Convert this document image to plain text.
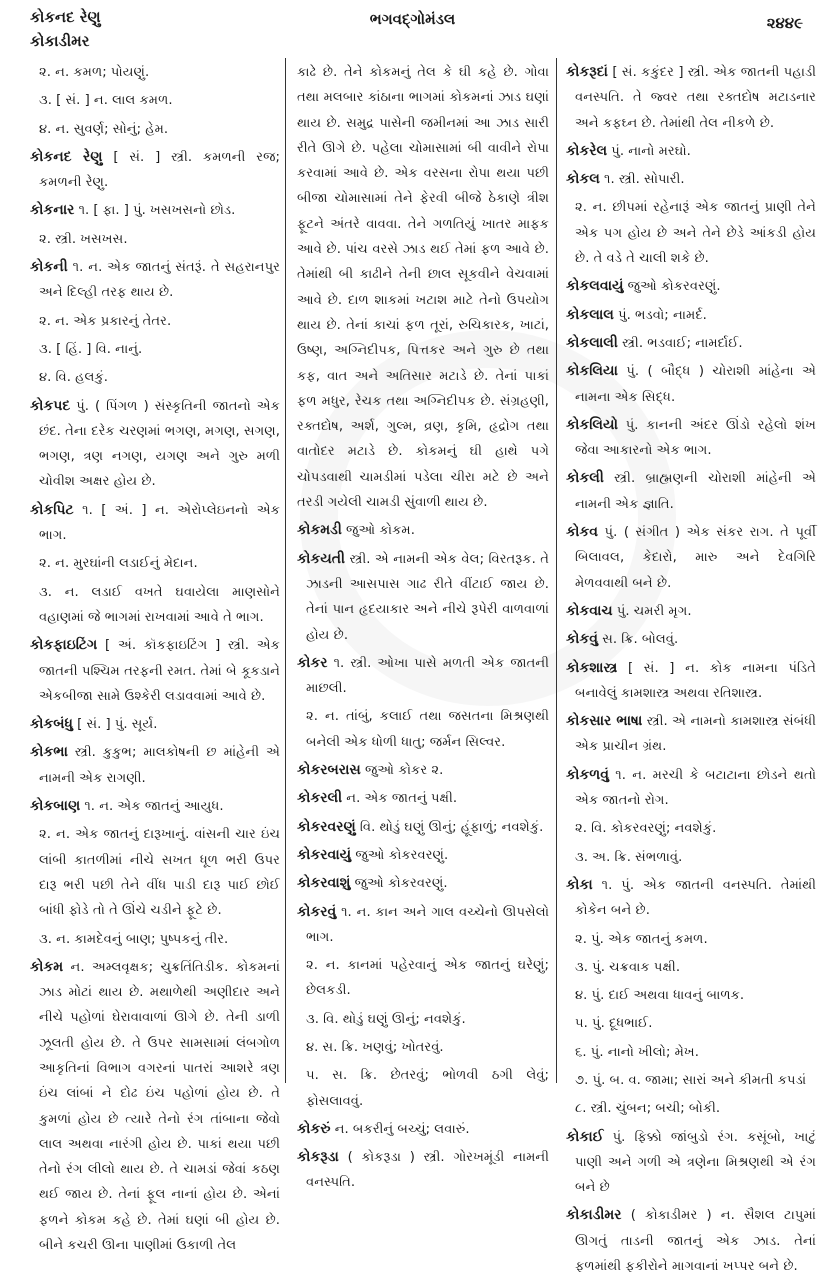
કોકનદ રેણુ
કોકાડીમર
ભગવદ્ગોમંડલ	૨૪૪૯

૨. ન. કમળ; પોયણું.

૩. [ સં. ] ન. લાલ કમળ.

૪. ન. સુવર્ણ; સોનું; હેમ.

કોકનદ રેણુ [ સં. ] સ્ત્રી. કમળની રજ; કમળની રેણુ.

કોકનાર ૧. [ ફા. ] પું. ખસખસનો છોડ.

૨. સ્ત્રી. ખસખસ.

કોકની ૧. ન. એક જાતનું સંતરૂં. તે સહરાનપુર અને દિલ્હી તરફ થાય છે.

૨. ન. એક પ્રકારનું તેતર.

૩. [ હિં. ] વિ. નાનું.

૪. વિ. હલકું.

કોકપદ પું. ( પિંગળ ) સંસ્કૃતિની જાતનો એક છંદ. તેના દરેક ચરણમાં ભગણ, મગણ, સગણ, ભગણ, ત્રણ નગણ, યગણ અને ગુરુ મળી ચોવીશ અક્ષર હોય છે.

કોકપિટ ૧. [ અં. ] ન. એરોપ્લેઇનનો એક ભાગ.

૨. ન. મુરઘાંની લડાઈનું મેદાન.

૩. ન. લડાઈ વખતે ઘવાયેલા માણસોને વહાણમાં જે ભાગમાં રાખવામાં આવે તે ભાગ.

કોકફાઇટિંગ [ અં. કૉકફાઇટિંગ ] સ્ત્રી. એક જાતની પશ્ચિમ તરફની રમત. તેમાં બે કૂકડાને એકબીજા સામે ઉશ્કેરી લડાવવામાં આવે છે.

કોકબંધુ [ સં. ] પું. સૂર્ય.

કોકભા સ્ત્રી. કુકુભ; માલકોષની છ માંહેની એ નામની એક રાગણી.

કોકબાણ ૧. ન. એક જાતનું આયુધ.

૨. ન. એક જાતનું દારૂખાનું. વાંસની ચાર ઇંચ લાંબી કાતળીમાં નીચે સખત ધૂળ ભરી ઉપર દારૂ ભરી પછી તેને વીંધ પાડી દારૂ પાઈ છોઈ બાંધી ફોડે તો તે ઊંચે ચડીને ફૂટે છે.

૩. ન. કામદેવનું બાણ; પુષ્પકનું તીર.

કોકમ ન. અમ્લવૃક્ષક; ચુક્રતિંતિડીક. કોકમનાં ઝાડ મોટાં થાય છે. મથાળેથી અણીદાર અને નીચે પહોળાં ઘેરાવાવાળાં ઊગે છે. તેની ડાળી ઝૂલતી હોય છે. તે ઉપર સામસામાં લંબગોળ આકૃતિનાં વિભાગ વગરનાં પાતરાં આશરે ત્રણ ઇંચ લાંબાં ને દોઢ ઇંચ પહોળાં હોય છે. તે કુમળાં હોય છે ત્યારે તેનો રંગ તાંબાના જેવો લાલ અથવા નારંગી હોય છે. પાકાં થયા પછી તેનો રંગ લીલો થાય છે. તે ચામડાં જેવાં કઠણ થઈ જાય છે. તેનાં ફૂલ નાનાં હોય છે. એનાં ફળને કોકમ કહે છે. તેમાં ઘણાં બી હોય છે. બીને કચરી ઊના પાણીમાં ઉકાળી તેલ

કાઢે છે. તેને કોકમનું તેલ કે ઘી કહે છે. ગોવા તથા મલબાર કાંઠાના ભાગમાં કોકમનાં ઝાડ ઘણાં થાય છે. સમુદ્ર પાસેની જમીનમાં આ ઝાડ સારી રીતે ઊગે છે. પહેલા ચોમાસામાં બી વાવીને રોપા કરવામાં આવે છે. એક વરસના રોપા થયા પછી બીજા ચોમાસામાં તેને ફેરવી બીજે ઠેકાણે ત્રીશ ફૂટને અંતરે વાવવા. તેને ગળતિયું ખાતર માફક આવે છે. પાંચ વરસે ઝાડ થઈ તેમાં ફળ આવે છે. તેમાંથી બી કાઢીને તેની છાલ સૂકવીને વેચવામાં આવે છે. દાળ શાકમાં ખટાશ માટે તેનો ઉપયોગ થાય છે. તેનાં કાચાં ફળ તૂરાં, રુચિકારક, ખાટાં, ઉષ્ણ, અગ્નિદીપક, પિત્તકર અને ગુરુ છે તથા કફ, વાત અને અતિસાર મટાડે છે. તેનાં પાકાં ફળ મધુર, રેચક તથા અગ્નિદીપક છે. સંગ્રહણી, રક્તદોષ, અર્શ, ગુલ્મ, વ્રણ, કૃમિ, હૃદ્રોગ તથા વાતોદર મટાડે છે. કોકમનું ઘી હાથે પગે ચોપડવાથી ચામડીમાં પડેલા ચીરા મટે છે અને તરડી ગયેલી ચામડી સુંવાળી થાય છે.

કોકમડી જુઓ કોકમ.

કોકયતી સ્ત્રી. એ નામની એક વેલ; વિરતરૂક. તે ઝાડની આસપાસ ગાઢ રીતે વીંટાઈ જાય છે. તેનાં પાન હૃદયાકાર અને નીચે રૂપેરી વાળવાળાં હોય છે.

કોકર ૧. સ્ત્રી. ઓખા પાસે મળતી એક જાતની માછલી.

૨. ન. તાંબું, કલાઈ તથા જસતના મિશ્રણથી બનેલી એક ધોળી ધાતુ; જર્મન સિલ્વર.

કોકરબરાસ જુઓ કોકર ૨.

કોકરલી ન. એક જાતનું પક્ષી.

કોકરવરણું વિ. થોડું ઘણું ઊનું; હૂંફાળું; નવશેકું.

કોકરવાયું જુઓ કોકરવરણું.

કોકરવાશું જુઓ કોકરવરણું.

કોકરવું ૧. ન. કાન અને ગાલ વચ્ચેનો ઊપસેલો ભાગ.

૨. ન. કાનમાં પહેરવાનું એક જાતનું ઘરેણું; છેલકડી.

૩. વિ. થોડું ઘણું ઊનું; નવશેકું.

૪. સ. ક્રિ. ખણવું; ખોતરવું.

૫. સ. ક્રિ. છેતરવું; ભોળવી ઠગી લેવું; ફોસલાવવું.

કોકરું ન. બકરીનું બચ્ચું; લવારું.

કોકરૂડા ( કોકરૂડા ) સ્ત્રી. ગોરખમૂંડી નામની વનસ્પતિ.

કોકરૂદાં [ સં. કકુંદર ] સ્ત્રી. એક જાતની પહાડી વનસ્પતિ. તે જ્વર તથા રક્તદોષ મટાડનાર અને કફઘ્ન છે. તેમાંથી તેલ નીકળે છે.

કોકરેલ પું. નાનો મરઘો.

કોકલ ૧. સ્ત્રી. સોપારી.

૨. ન. છીપમાં રહેનારૂં એક જાતનું પ્રાણી તેને એક પગ હોય છે અને તેને છેડે આંકડી હોય છે. તે વડે તે ચાલી શકે છે.

કોકલવાયું જુઓ કોકરવરણું.

કોકલાલ પું. ભડવો; નામર્દ.

કોકલાલી સ્ત્રી. ભડવાઈ; નામર્દાઈ.

કોકલિયા પું. ( બૌદ્ધ ) ચોરાશી માંહેના એ નામના એક સિદ્ધ.

કોકલિયો પું. કાનની અંદર ઊંડો રહેલો શંખ જેવા આકારનો એક ભાગ.

કોકલી સ્ત્રી. બ્રાહ્મણની ચોરાશી માંહેની એ નામની એક જ્ઞાતિ.

કોકવ પું. ( સંગીત ) એક સંકર રાગ. તે પૂર્વી બિલાવલ, કેદારો, મારુ અને દેવગિરિ મેળવવાથી બને છે.

કોકવાચ પું. ચમરી મૃગ.

કોકવું સ. ક્રિ. બોલવું.

કોકશાસ્ત્ર [ સં. ] ન. કોક નામના પંડિતે બનાવેલું કામશાસ્ત્ર અથવા રતિશાસ્ત્ર.

કોકસાર ભાષા સ્ત્રી. એ નામનો કામશાસ્ત્ર સંબંધી એક પ્રાચીન ગ્રંથ.

કોકળવું ૧. ન. મરચી કે બટાટાના છોડને થતો એક જાતનો રોગ.

૨. વિ. કોકરવરણું; નવશેકું.

૩. અ. ક્રિ. સંભળાવું.

કોકા ૧. પું. એક જાતની વનસ્પતિ. તેમાંથી કોકેન બને છે.

૨. પું. એક જાતનું કમળ.

૩. પું. ચક્રવાક પક્ષી.

૪. પું. દાઈ અથવા ધાવનું બાળક.

૫. પું. દૂધભાઈ.

૬. પું. નાનો ખીલો; મેખ.

૭. પું. બ. વ. જામા; સારાં અને કીમતી કપડાં

૮. સ્ત્રી. ચુંબન; બચી; બોકી.

કોકાઈ પું. ફિક્કો જાંબુડો રંગ. કસૂંબો, ખાટું પાણી અને ગળી એ ત્રણેના મિશ્રણથી એ રંગ બને છે

કોકાડીમર ( કોકાડીમર ) ન. સૈશલ ટાપુમાં ઊગતું તાડની જાતનું એક ઝાડ. તેનાં ફળમાંથી ફકીરોને માગવાનાં ખપ્પર બને છે.
